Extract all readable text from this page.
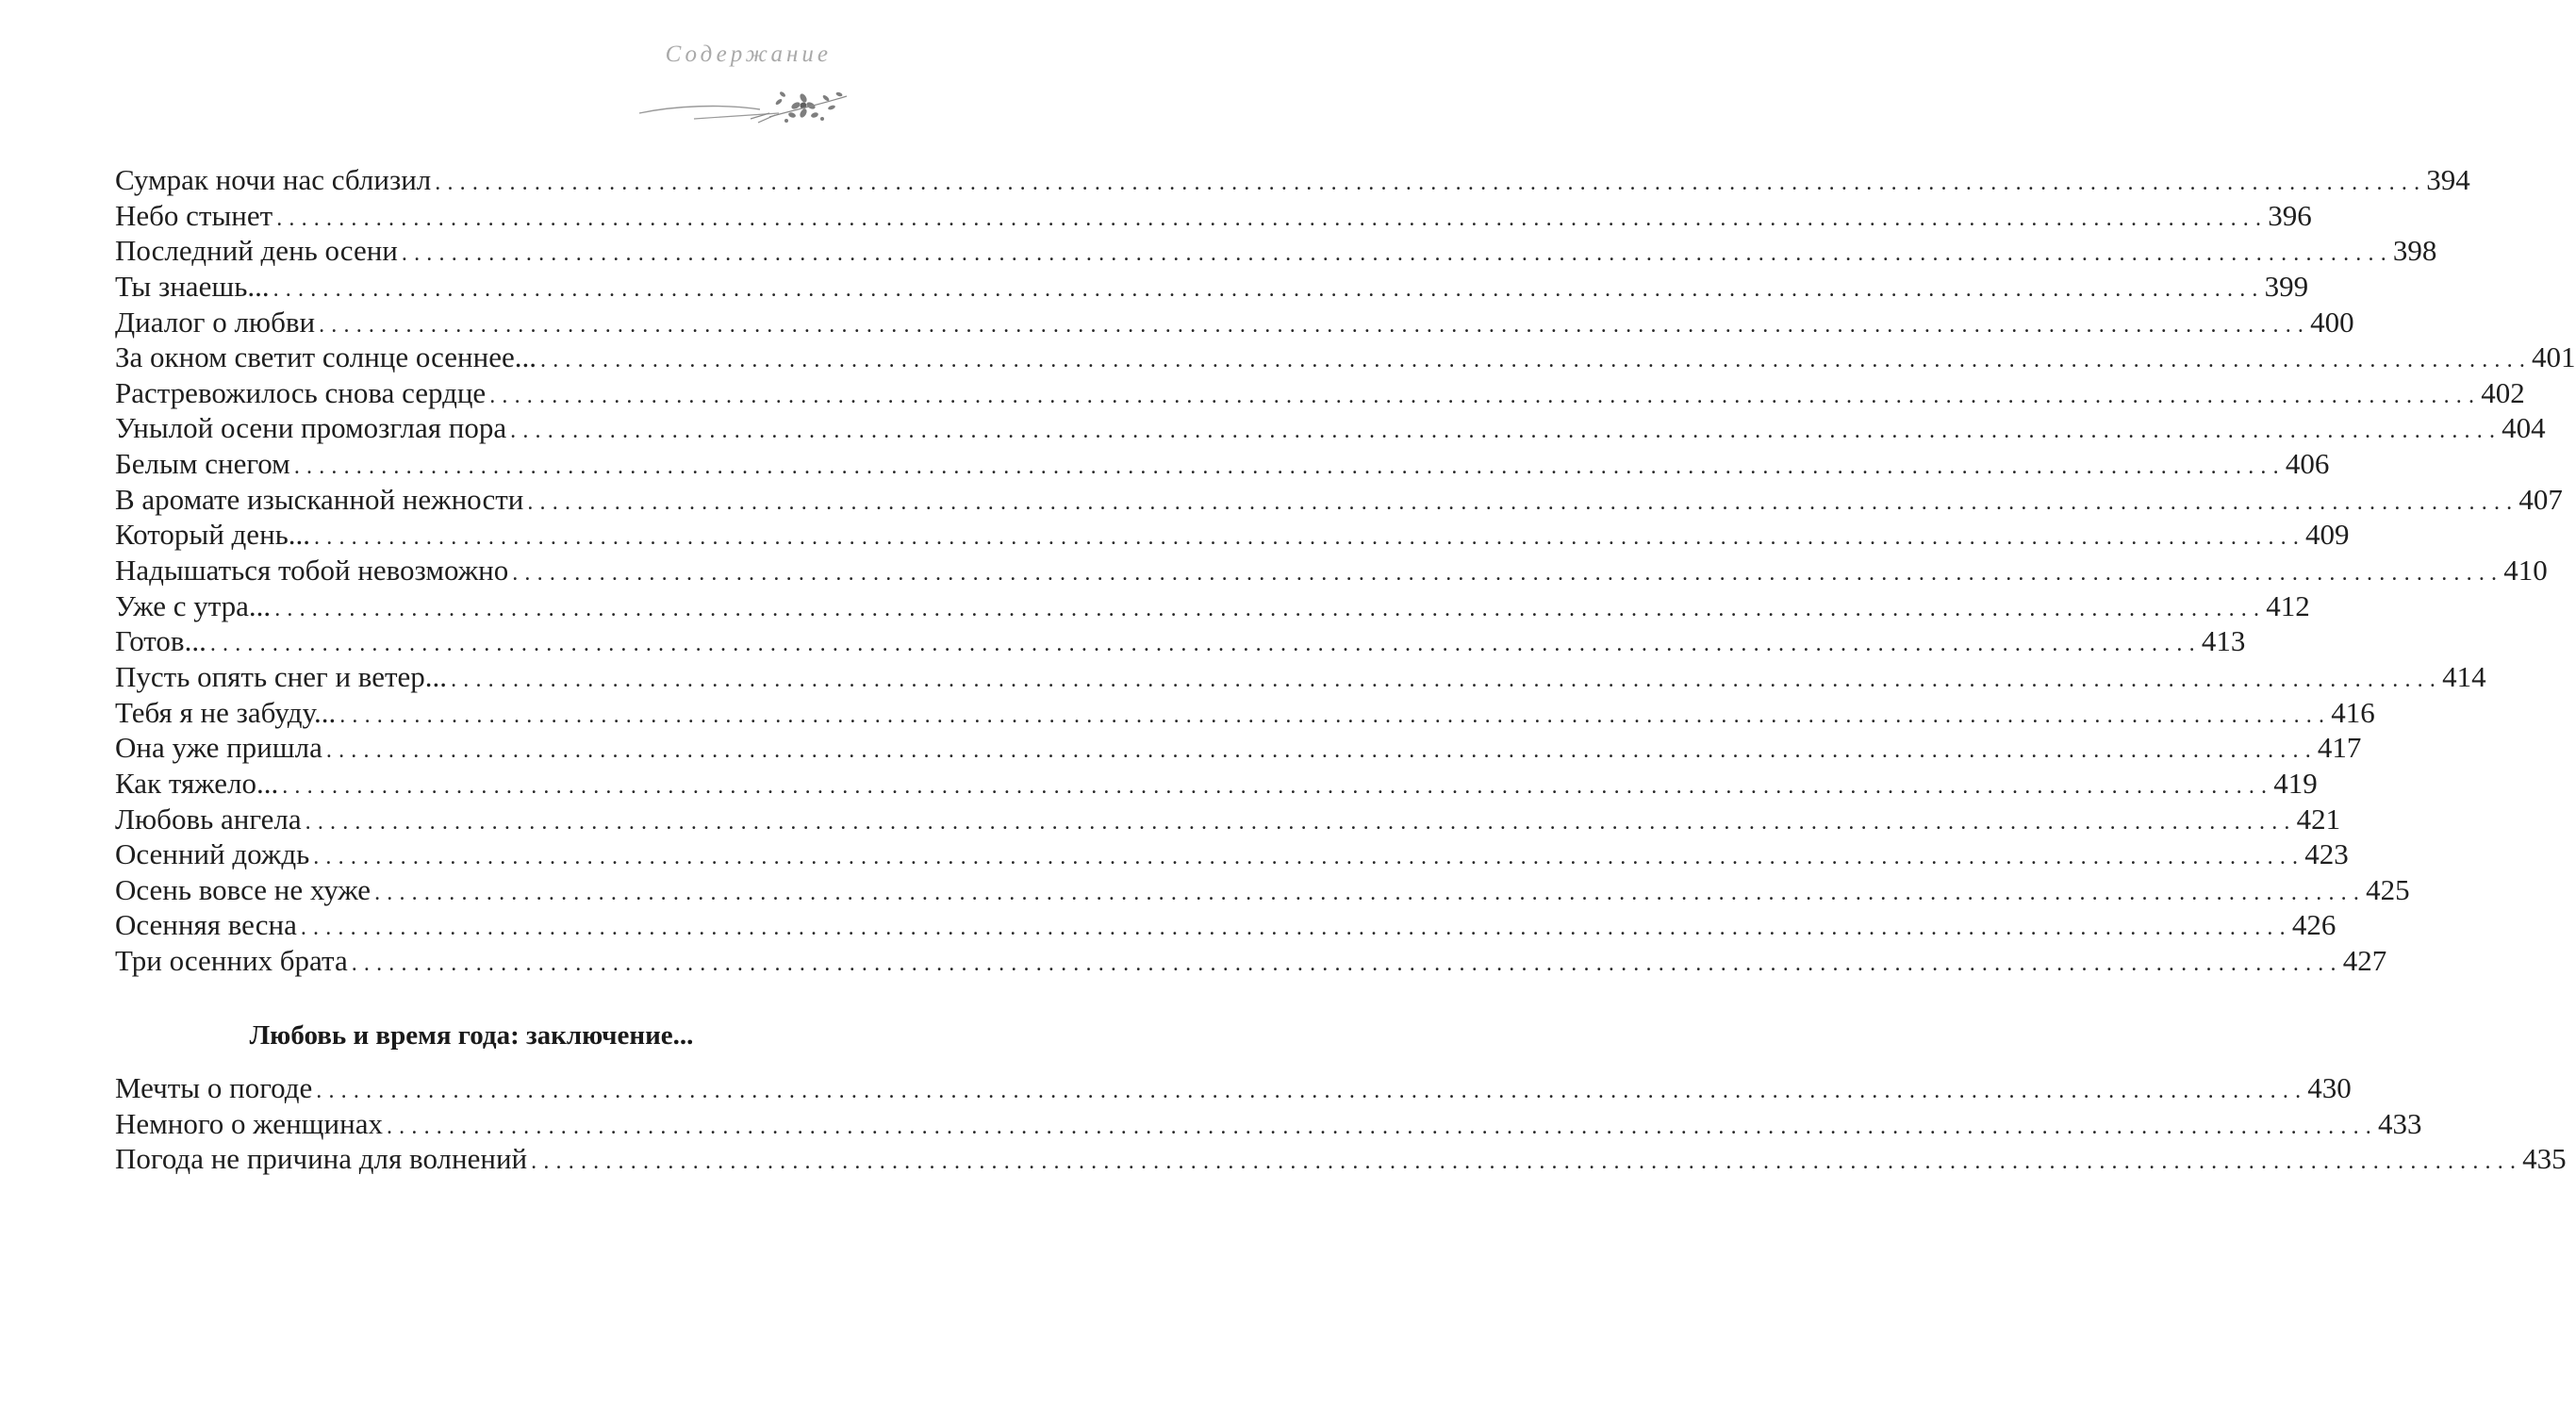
Содержание
Сумрак ночи нас сблизил ................................................................................................................................................................ 394
Небо стынет ................................................................................................................................................................ 396
Последний день осени ................................................................................................................................................................ 398
Ты знаешь... ................................................................................................................................................................ 399
Диалог о любви ................................................................................................................................................................ 400
За окном светит солнце осеннее... ................................................................................................................................................................ 401
Растревожилось снова сердце ................................................................................................................................................................ 402
Унылой осени промозглая пора ................................................................................................................................................................ 404
Белым снегом ................................................................................................................................................................ 406
В аромате изысканной нежности ................................................................................................................................................................ 407
Который день... ................................................................................................................................................................ 409
Надышаться тобой невозможно ................................................................................................................................................................ 410
Уже с утра... ................................................................................................................................................................ 412
Готов... ................................................................................................................................................................ 413
Пусть опять снег и ветер... ................................................................................................................................................................ 414
Тебя я не забуду... ................................................................................................................................................................ 416
Она уже пришла ................................................................................................................................................................ 417
Как тяжело... ................................................................................................................................................................ 419
Любовь ангела ................................................................................................................................................................ 421
Осенний дождь ................................................................................................................................................................ 423
Осень вовсе не хуже ................................................................................................................................................................ 425
Осенняя весна ................................................................................................................................................................ 426
Три осенних брата ................................................................................................................................................................ 427
Любовь и время года: заключение...
Мечты о погоде ................................................................................................................................................................ 430
Немного о женщинах ................................................................................................................................................................ 433
Погода не причина для волнений ................................................................................................................................................................ 435
